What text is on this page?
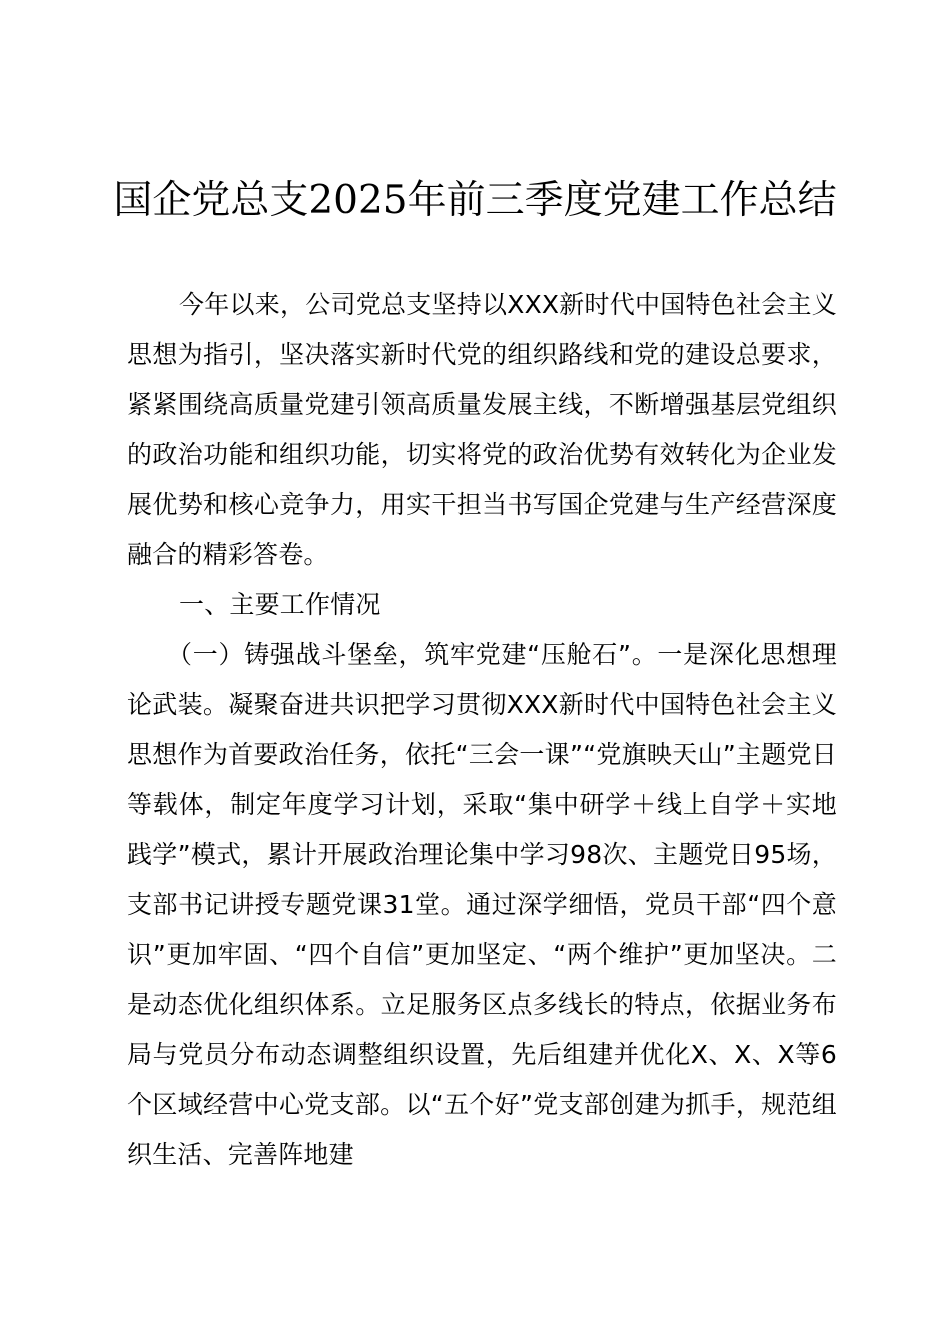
国企党总支2025年前三季度党建工作总结

今年以来，公司党总支坚持以XXX新时代中国特色社会主义思想为指引，坚决落实新时代党的组织路线和党的建设总要求，紧紧围绕高质量党建引领高质量发展主线，不断增强基层党组织的政治功能和组织功能，切实将党的政治优势有效转化为企业发展优势和核心竞争力，用实干担当书写国企党建与生产经营深度融合的精彩答卷。

一、主要工作情况

（一）铸强战斗堡垒，筑牢党建“压舱石”。一是深化思想理论武装。凝聚奋进共识把学习贯彻XXX新时代中国特色社会主义思想作为首要政治任务，依托“三会一课”“党旗映天山”主题党日等载体，制定年度学习计划，采取“集中研学＋线上自学＋实地践学”模式，累计开展政治理论集中学习98次、主题党日95场，支部书记讲授专题党课31堂。通过深学细悟，党员干部“四个意识”更加牢固、“四个自信”更加坚定、“两个维护”更加坚决。二是动态优化组织体系。立足服务区点多线长的特点，依据业务布局与党员分布动态调整组织设置，先后组建并优化X、X、X等6个区域经营中心党支部。以“五个好”党支部创建为抓手，规范组织生活、完善阵地建
